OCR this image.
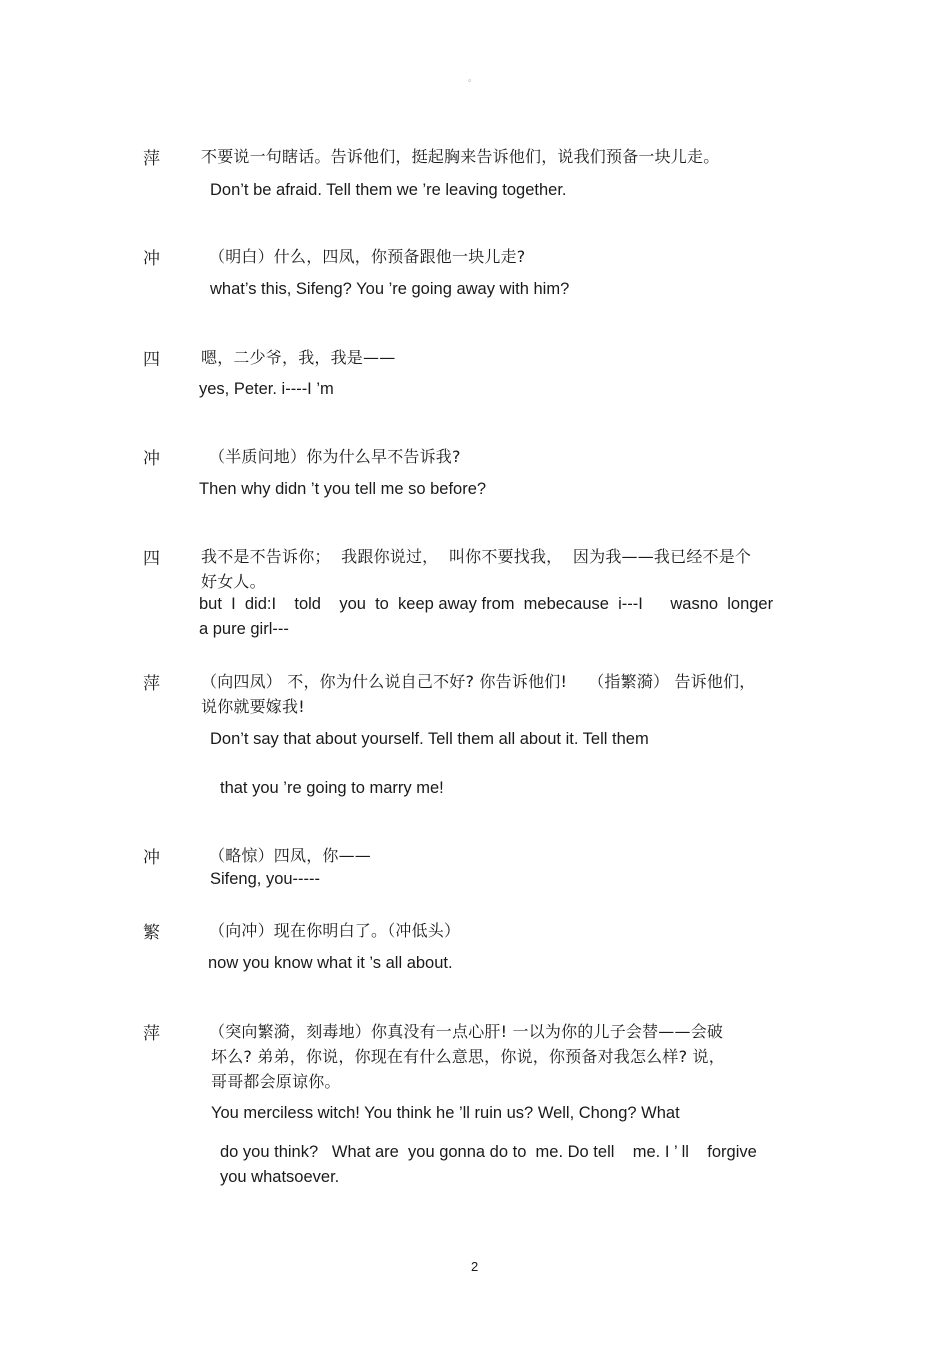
。
萍	不要说一句瞎话。告诉他们，挺起胸来告诉他们，说我们预备一块儿走。
Don’t be afraid. Tell them we ’re leaving together.
冲	（明白）什么，四凤，你预备跟他一块儿走?
what’s this, Sifeng? You ’re going away with him?
四	嗯，二少爷，我，我是——
yes, Peter. i----I ’m
冲	（半质问地）你为什么早不告诉我?
Then why didn ’t you tell me so before?
四	我不是不告诉你；  我跟你说过，  叫你不要找我，  因为我——我已经不是个
好女人。
but  I  did:I    told    you  to  keep away from  mebecause  i---I      wasno  longer
a pure girl---
萍	（向四凤） 不，你为什么说自己不好? 你告诉他们!    （指繁漪） 告诉他们，
说你就要嫁我!
Don’t say that about yourself. Tell them all about it. Tell them
that you ’re going to marry me!
冲	（略惊）四凤，你——
Sifeng, you-----
繁	（向冲）现在你明白了。（冲低头）
now you know what it ’s all about.
萍	（突向繁漪，刻毒地）你真没有一点心肝! 一以为你的儿子会替——会破
坏么? 弟弟，你说，你现在有什么意思，你说，你预备对我怎么样? 说，
哥哥都会原谅你。
You merciless witch! You think he ’ll ruin us? Well, Chong? What
do you think?   What are  you gonna do to  me. Do tell    me. I ’ ll    forgive
you whatsoever.
2
